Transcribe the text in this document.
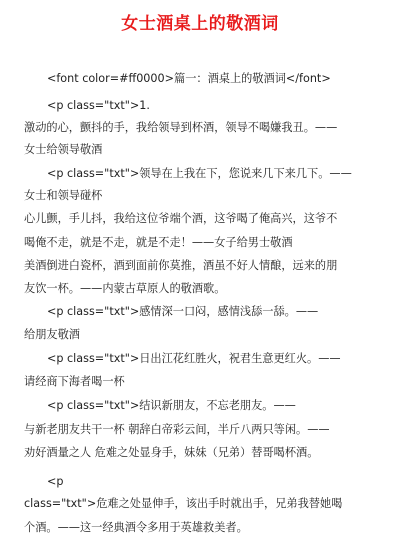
女士酒桌上的敬酒词
<font color=#ff0000>篇一：酒桌上的敬酒词</font>
<p class="txt">1.
激动的心，颤抖的手，我给领导到杯酒，领导不喝嫌我丑。——
女士给领导敬酒
<p class="txt">领导在上我在下，您说来几下来几下。——
女士和领导碰杯
心儿颤，手儿抖，我给这位爷端个酒，这爷喝了俺高兴，这爷不
喝俺不走，就是不走，就是不走！——女子给男士敬酒
美酒倒进白瓷杯，酒到面前你莫推，酒虽不好人情酿，远来的朋
友饮一杯。——内蒙古草原人的敬酒歌。
<p class="txt">感情深一口闷，感情浅舔一舔。——
给朋友敬酒
<p class="txt">日出江花红胜火，祝君生意更红火。——
请经商下海者喝一杯
<p class="txt">结识新朋友，不忘老朋友。——
与新老朋友共干一杯 朝辞白帝彩云间，半斤八两只等闲。——
劝好酒量之人 危难之处显身手，妹妹（兄弟）替哥喝杯酒。
<p
class="txt">危难之处显伸手，该出手时就出手，兄弟我替她喝
个酒。——这一经典酒令多用于英雄救美者。
